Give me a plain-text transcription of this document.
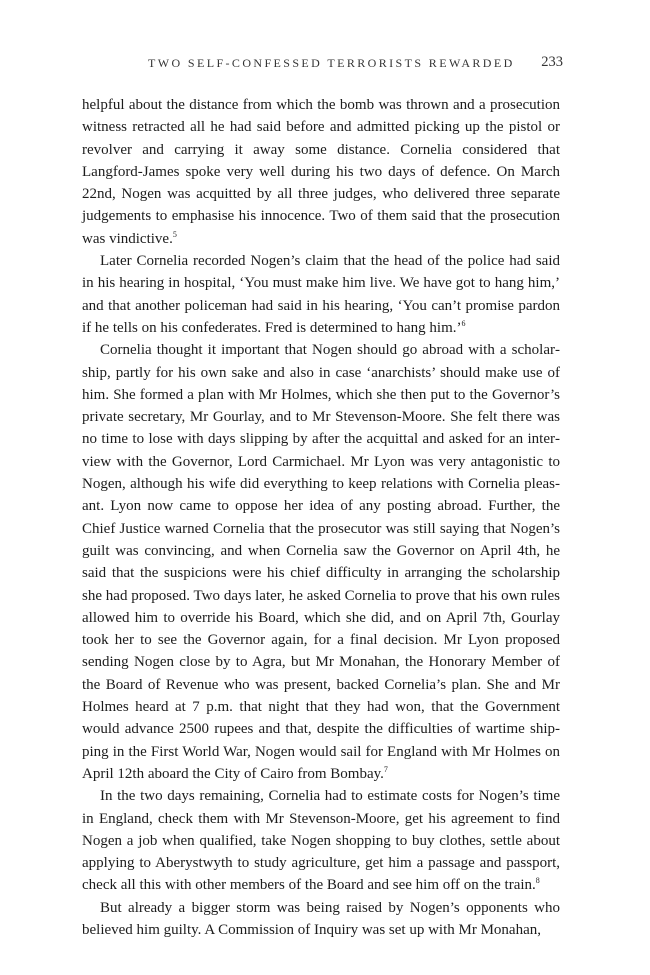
TWO SELF-CONFESSED TERRORISTS REWARDED 233

helpful about the distance from which the bomb was thrown and a prosecution witness retracted all he had said before and admitted picking up the pistol or revolver and carrying it away some distance. Cornelia considered that Langford-James spoke very well during his two days of defence. On March 22nd, Nogen was acquitted by all three judges, who delivered three separate judgements to emphasise his innocence. Two of them said that the prosecution was vindictive.$^5$

Later Cornelia recorded Nogen’s claim that the head of the police had said in his hearing in hospital, ‘You must make him live. We have got to hang him,’ and that another policeman had said in his hearing, ‘You can’t promise pardon if he tells on his confederates. Fred is determined to hang him.’$^6$

Cornelia thought it important that Nogen should go abroad with a scholarship, partly for his own sake and also in case ‘anarchists’ should make use of him. She formed a plan with Mr Holmes, which she then put to the Governor’s private secretary, Mr Gourlay, and to Mr Stevenson-Moore. She felt there was no time to lose with days slipping by after the acquittal and asked for an interview with the Governor, Lord Carmichael. Mr Lyon was very antagonistic to Nogen, although his wife did everything to keep relations with Cornelia pleasant. Lyon now came to oppose her idea of any posting abroad. Further, the Chief Justice warned Cornelia that the prosecutor was still saying that Nogen’s guilt was convincing, and when Cornelia saw the Governor on April 4th, he said that the suspicions were his chief difficulty in arranging the scholarship she had proposed. Two days later, he asked Cornelia to prove that his own rules allowed him to override his Board, which she did, and on April 7th, Gourlay took her to see the Governor again, for a final decision. Mr Lyon proposed sending Nogen close by to Agra, but Mr Monahan, the Honorary Member of the Board of Revenue who was present, backed Cornelia’s plan. She and Mr Holmes heard at 7 p.m. that night that they had won, that the Government would advance 2500 rupees and that, despite the difficulties of wartime shipping in the First World War, Nogen would sail for England with Mr Holmes on April 12th aboard the City of Cairo from Bombay.$^7$

In the two days remaining, Cornelia had to estimate costs for Nogen’s time in England, check them with Mr Stevenson-Moore, get his agreement to find Nogen a job when qualified, take Nogen shopping to buy clothes, settle about applying to Aberystwyth to study agriculture, get him a passage and passport, check all this with other members of the Board and see him off on the train.$^8$

But already a bigger storm was being raised by Nogen’s opponents who believed him guilty. A Commission of Inquiry was set up with Mr Monahan,
